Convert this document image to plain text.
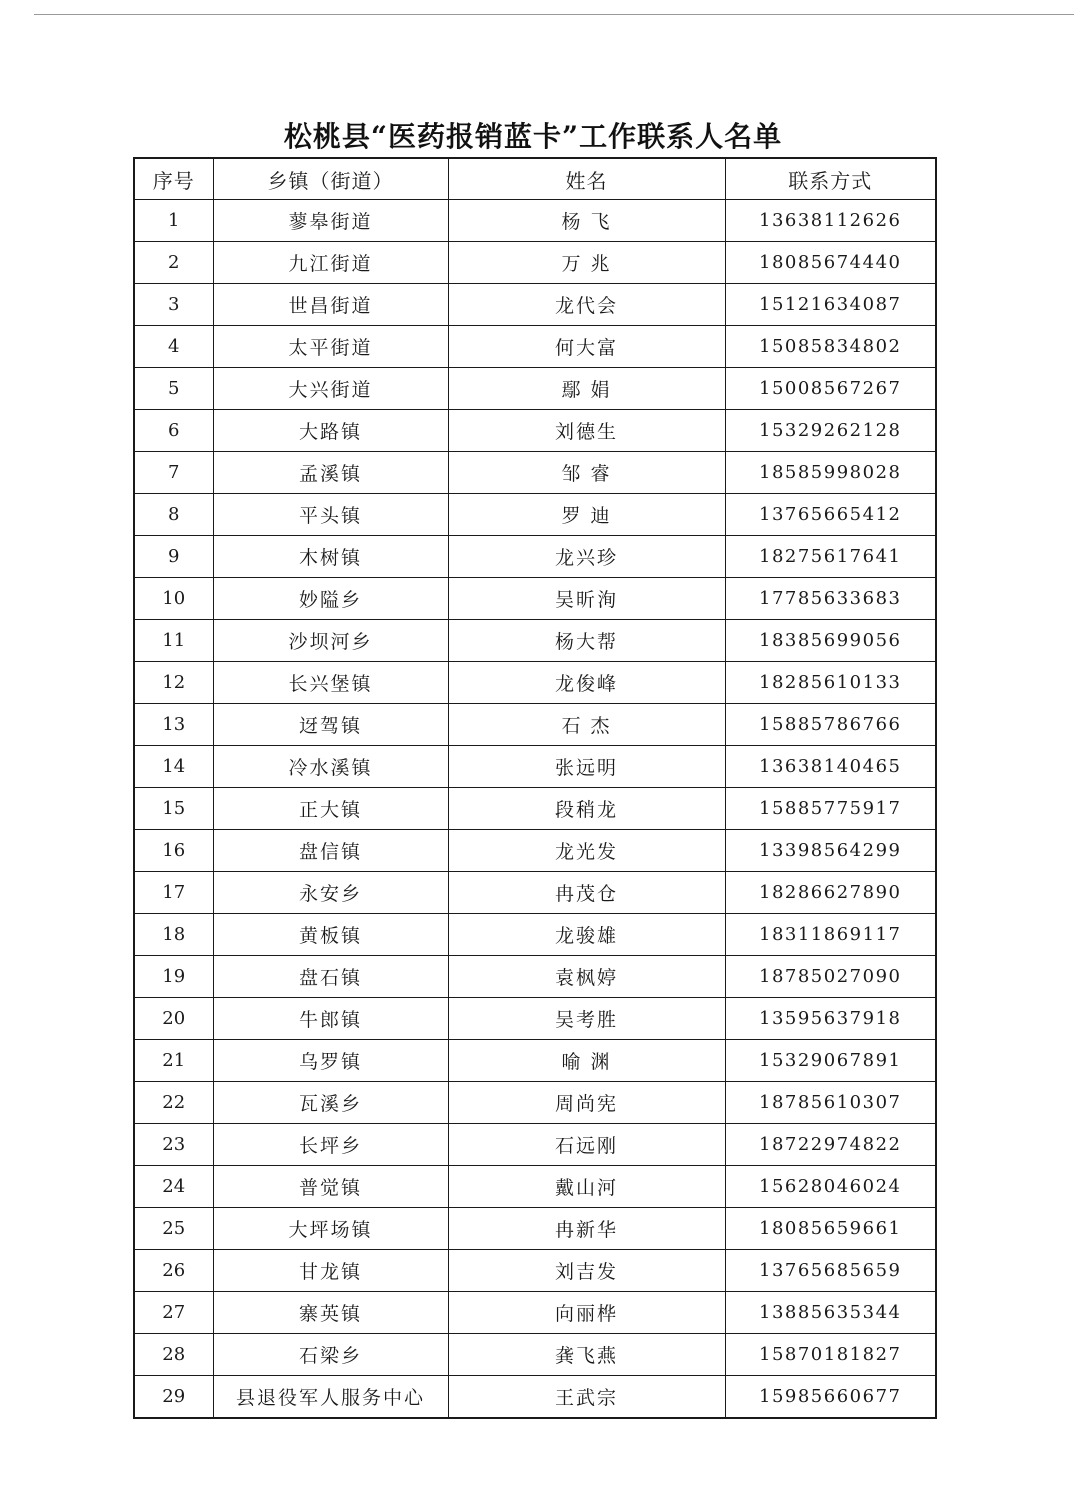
松桃县“医药报销蓝卡”工作联系人名单
序号	乡镇（街道）	姓名	联系方式
1	蓼皋街道	杨 飞	13638112626
2	九江街道	万 兆	18085674440
3	世昌街道	龙代会	15121634087
4	太平街道	何大富	15085834802
5	大兴街道	鄢 娟	15008567267
6	大路镇	刘德生	15329262128
7	孟溪镇	邹 睿	18585998028
8	平头镇	罗 迪	13765665412
9	木树镇	龙兴珍	18275617641
10	妙隘乡	吴昕洵	17785633683
11	沙坝河乡	杨大帮	18385699056
12	长兴堡镇	龙俊峰	18285610133
13	迓驾镇	石 杰	15885786766
14	冷水溪镇	张远明	13638140465
15	正大镇	段稍龙	15885775917
16	盘信镇	龙光发	13398564299
17	永安乡	冉茂仓	18286627890
18	黄板镇	龙骏雄	18311869117
19	盘石镇	袁枫婷	18785027090
20	牛郎镇	吴考胜	13595637918
21	乌罗镇	喻 渊	15329067891
22	瓦溪乡	周尚宪	18785610307
23	长坪乡	石远刚	18722974822
24	普觉镇	戴山河	15628046024
25	大坪场镇	冉新华	18085659661
26	甘龙镇	刘吉发	13765685659
27	寨英镇	向丽桦	13885635344
28	石梁乡	龚飞燕	15870181827
29	县退役军人服务中心	王武宗	15985660677
